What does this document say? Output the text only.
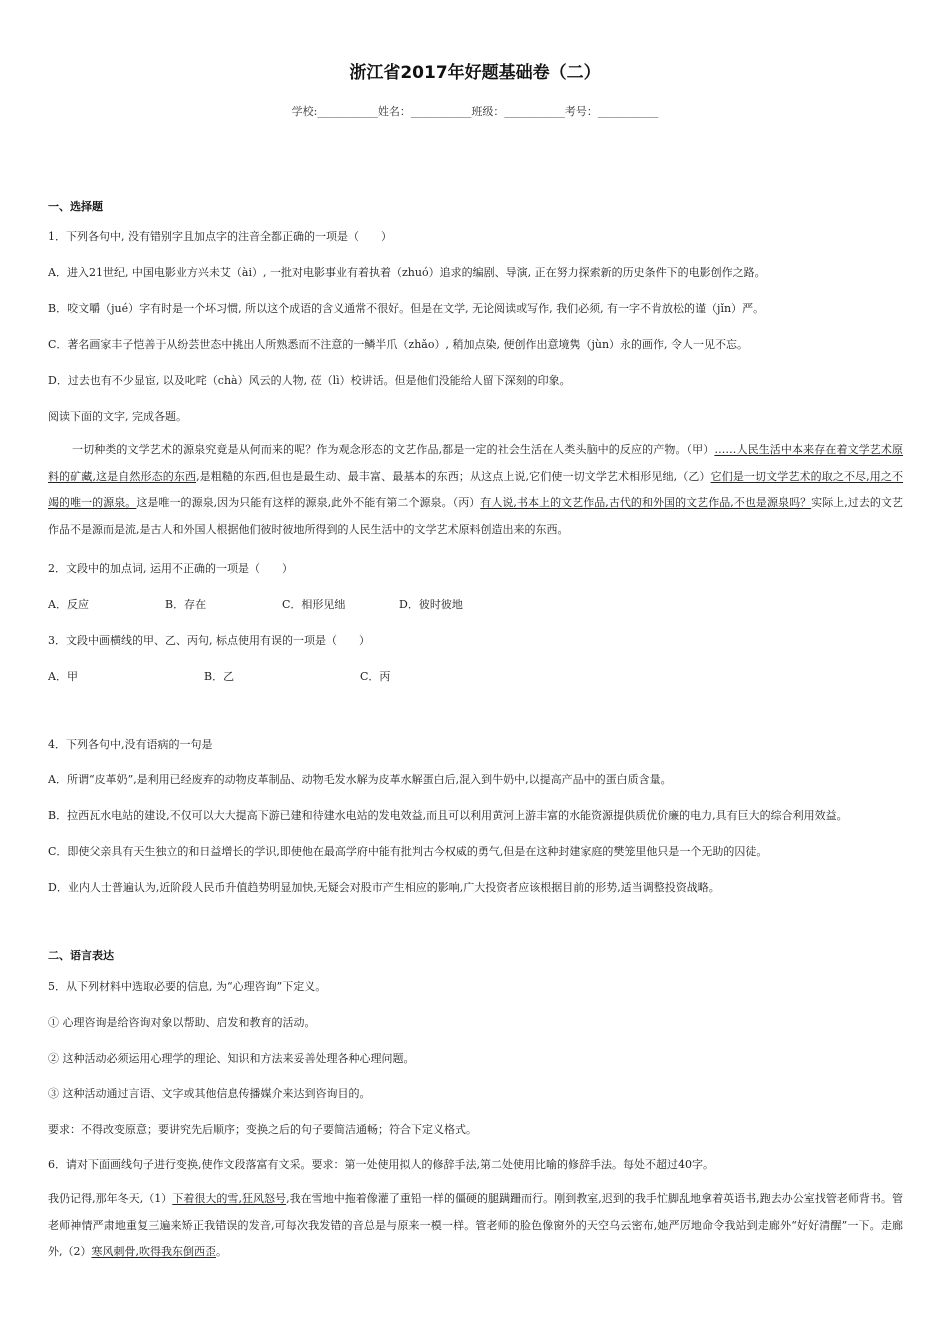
浙江省2017年好题基础卷（二）
学校:___________姓名：___________班级：___________考号：___________
一、选择题
1．下列各句中, 没有错别字且加点字的注音全都正确的一项是（　　）
A．进入21世纪, 中国电影业方兴未艾（ài）, 一批对电影事业有着执着（zhuó）追求的编剧、导演, 正在努力探索新的历史条件下的电影创作之路。
B．咬文嚼（jué）字有时是一个坏习惯, 所以这个成语的含义通常不很好。但是在文学, 无论阅读或写作, 我们必须, 有一字不肯放松的谨（jǐn）严。
C．著名画家丰子恺善于从纷芸世态中挑出人所熟悉而不注意的一鳞半爪（zhǎo）, 稍加点染, 便创作出意境隽（jùn）永的画作, 令人一见不忘。
D．过去也有不少显宦, 以及叱咤（chà）风云的人物, 莅（lì）校讲话。但是他们没能给人留下深刻的印象。
阅读下面的文字, 完成各题。
一切种类的文学艺术的源泉究竟是从何而来的呢？作为观念形态的文艺作品,都是一定的社会生活在人类头脑中的反应的产物。（甲）……人民生活中本来存在着文学艺术原料的矿藏,这是自然形态的东西,是粗糙的东西,但也是最生动、最丰富、最基本的东西；从这点上说,它们使一切文学艺术相形见绌,（乙）它们是一切文学艺术的取之不尽,用之不竭的唯一的源泉。这是唯一的源泉,因为只能有这样的源泉,此外不能有第二个源泉。（丙）有人说,书本上的文艺作品,古代的和外国的文艺作品,不也是源泉吗？实际上,过去的文艺作品不是源而是流,是古人和外国人根据他们彼时彼地所得到的人民生活中的文学艺术原料创造出来的东西。
2．文段中的加点词, 运用不正确的一项是（　　）
A．反应	B．存在	C．相形见绌	D．彼时彼地
3．文段中画横线的甲、乙、丙句, 标点使用有误的一项是（　　）
A．甲	B．乙	C．丙
4．下列各句中,没有语病的一句是
A．所谓“皮革奶”,是利用已经废弃的动物皮革制品、动物毛发水解为皮革水解蛋白后,混入到牛奶中,以提高产品中的蛋白质含量。
B．拉西瓦水电站的建设,不仅可以大大提高下游已建和待建水电站的发电效益,而且可以利用黄河上游丰富的水能资源提供质优价廉的电力,具有巨大的综合利用效益。
C．即使父亲具有天生独立的和日益增长的学识,即使他在最高学府中能有批判古今权威的勇气,但是在这种封建家庭的樊笼里他只是一个无助的囚徒。
D．业内人士普遍认为,近阶段人民币升值趋势明显加快,无疑会对股市产生相应的影响,广大投资者应该根据目前的形势,适当调整投资战略。
二、语言表达
5．从下列材料中选取必要的信息, 为“心理咨询”下定义。
① 心理咨询是给咨询对象以帮助、启发和教育的活动。
② 这种活动必须运用心理学的理论、知识和方法来妥善处理各种心理问题。
③ 这种活动通过言语、文字或其他信息传播媒介来达到咨询目的。
要求：不得改变原意；要讲究先后顺序；变换之后的句子要简洁通畅；符合下定义格式。
6．请对下面画线句子进行变换,使作文段落富有文采。要求：第一处使用拟人的修辞手法,第二处使用比喻的修辞手法。每处不超过40字。
我仍记得,那年冬天,（1）下着很大的雪,狂风怒号,我在雪地中拖着像灌了重铅一样的僵硬的腿蹒跚而行。刚到教室,迟到的我手忙脚乱地拿着英语书,跑去办公室找管老师背书。管老师神情严肃地重复三遍来矫正我错误的发音,可每次我发错的音总是与原来一模一样。管老师的脸色像窗外的天空乌云密布,她严厉地命令我站到走廊外“好好清醒”一下。走廊外,（2）寒风刺骨,吹得我东倒西歪。
